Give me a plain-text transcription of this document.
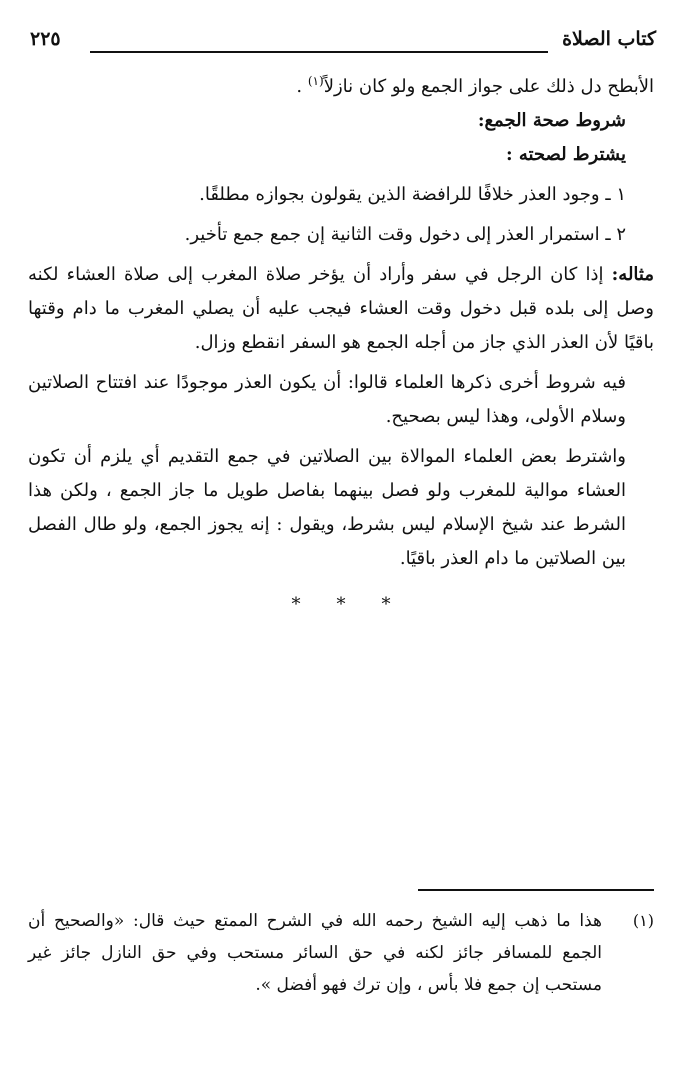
كتاب الصلاة
٢٢٥

الأبطح دل ذلك على جواز الجمع ولو كان نازلاً$^{(١)}$ .

شروط صحة الجمع:

يشترط لصحته :

١ ـ وجود العذر خلافًا للرافضة الذين يقولون بجوازه مطلقًا.

٢ ـ استمرار العذر إلى دخول وقت الثانية إن جمع جمع تأخير.

مثاله: إذا كان الرجل في سفر وأراد أن يؤخر صلاة المغرب إلى صلاة العشاء لكنه وصل إلى بلده قبل دخول وقت العشاء فيجب عليه أن يصلي المغرب ما دام وقتها باقيًا لأن العذر الذي جاز من أجله الجمع هو السفر انقطع وزال.

فيه شروط أخرى ذكرها العلماء قالوا: أن يكون العذر موجودًا عند افتتاح الصلاتين وسلام الأولى، وهذا ليس بصحيح.

واشترط بعض العلماء الموالاة بين الصلاتين في جمع التقديم أي يلزم أن تكون العشاء موالية للمغرب ولو فصل بينهما بفاصل طويل ما جاز الجمع ، ولكن هذا الشرط عند شيخ الإسلام ليس بشرط، ويقول : إنه يجوز الجمع، ولو طال الفصل بين الصلاتين ما دام العذر باقيًا.

* * *
(١)
هذا ما ذهب إليه الشيخ رحمه الله في الشرح الممتع حيث قال: «والصحيح أن الجمع للمسافر جائز لكنه في حق السائر مستحب وفي حق النازل جائز غير مستحب إن جمع فلا بأس ، وإن ترك فهو أفضل ».
